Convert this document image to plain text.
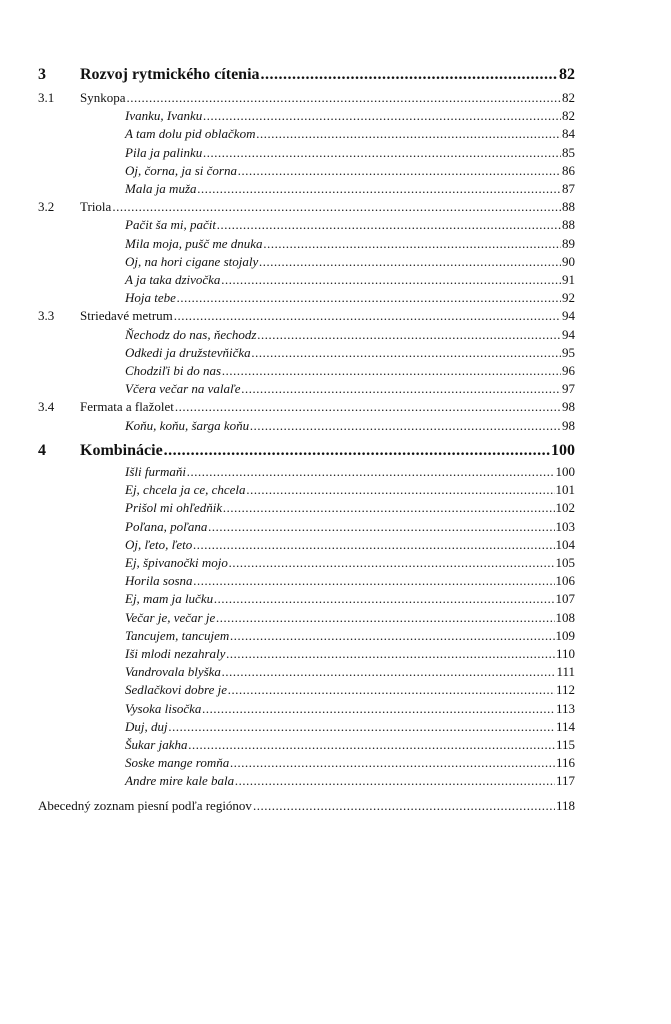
3 Rozvoj rytmického cítenia .....	82
3.1 Synkopa .....	82
Ivanku, Ivanku .....	82
A tam dolu pid oblačkom .....	84
Pila ja palinku .....	85
Oj, čorna, ja si čorna .....	86
Mala ja muža .....	87
3.2 Triola .....	88
Pačit ša mi, pačit .....	88
Mila moja, pušč me dnuka .....	89
Oj, na hori cigane stojaly .....	90
A ja taka dzivočka .....	91
Hoja tebe .....	92
3.3 Striedavé metrum .....	94
Ňechodz do nas, ňechodz .....	94
Odkedi ja družstevňička .....	95
Chodziľi bi do nas .....	96
Včera večar na valaľe .....	97
3.4 Fermata a flažolet .....	98
Koňu, koňu, šarga koňu .....	98
4 Kombinácie .....	100
Išli furmaňi .....	100
Ej, chcela ja ce, chcela .....	101
Prišol mi ohľedňik .....	102
Poľana, poľana .....	103
Oj, ľeto, ľeto .....	104
Ej, špivanočki mojo .....	105
Horila sosna .....	106
Ej, mam ja lučku .....	107
Večar je, večar je .....	108
Tancujem, tancujem .....	109
Iši mlodi nezahraly .....	110
Vandrovala blyška .....	111
Sedlačkovi dobre je .....	112
Vysoka lisočka .....	113
Duj, duj .....	114
Šukar jakha .....	115
Soske mange romňa .....	116
Andre mire kale bala .....	117
Abecedný zoznam piesní podľa regiónov .....	118
